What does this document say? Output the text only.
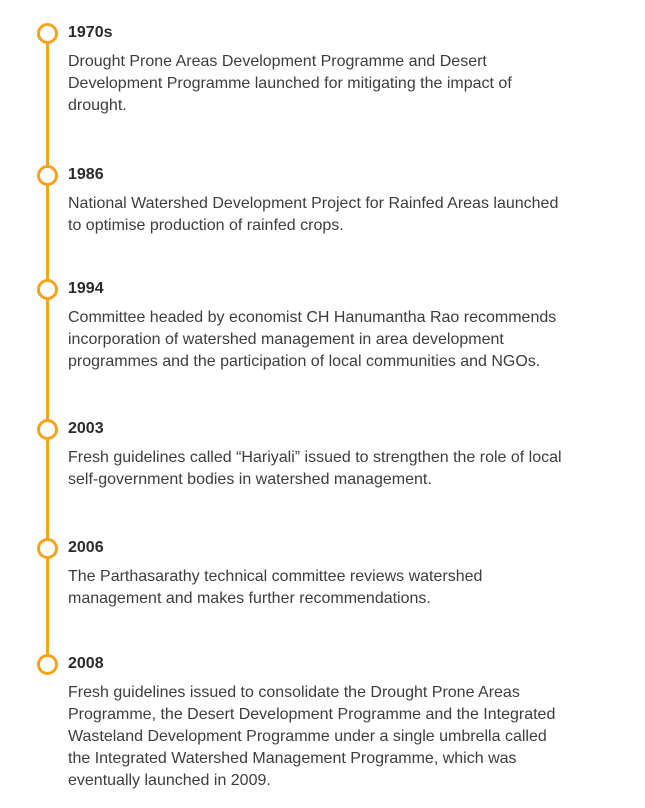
1970s
Drought Prone Areas Development Programme and Desert
Development Programme launched for mitigating the impact of
drought.
1986
National Watershed Development Project for Rainfed Areas launched
to optimise production of rainfed crops.
1994
Committee headed by economist CH Hanumantha Rao recommends
incorporation of watershed management in area development
programmes and the participation of local communities and NGOs.
2003
Fresh guidelines called “Hariyali” issued to strengthen the role of local
self-government bodies in watershed management.
2006
The Parthasarathy technical committee reviews watershed
management and makes further recommendations.
2008
Fresh guidelines issued to consolidate the Drought Prone Areas
Programme, the Desert Development Programme and the Integrated
Wasteland Development Programme under a single umbrella called
the Integrated Watershed Management Programme, which was
eventually launched in 2009.
